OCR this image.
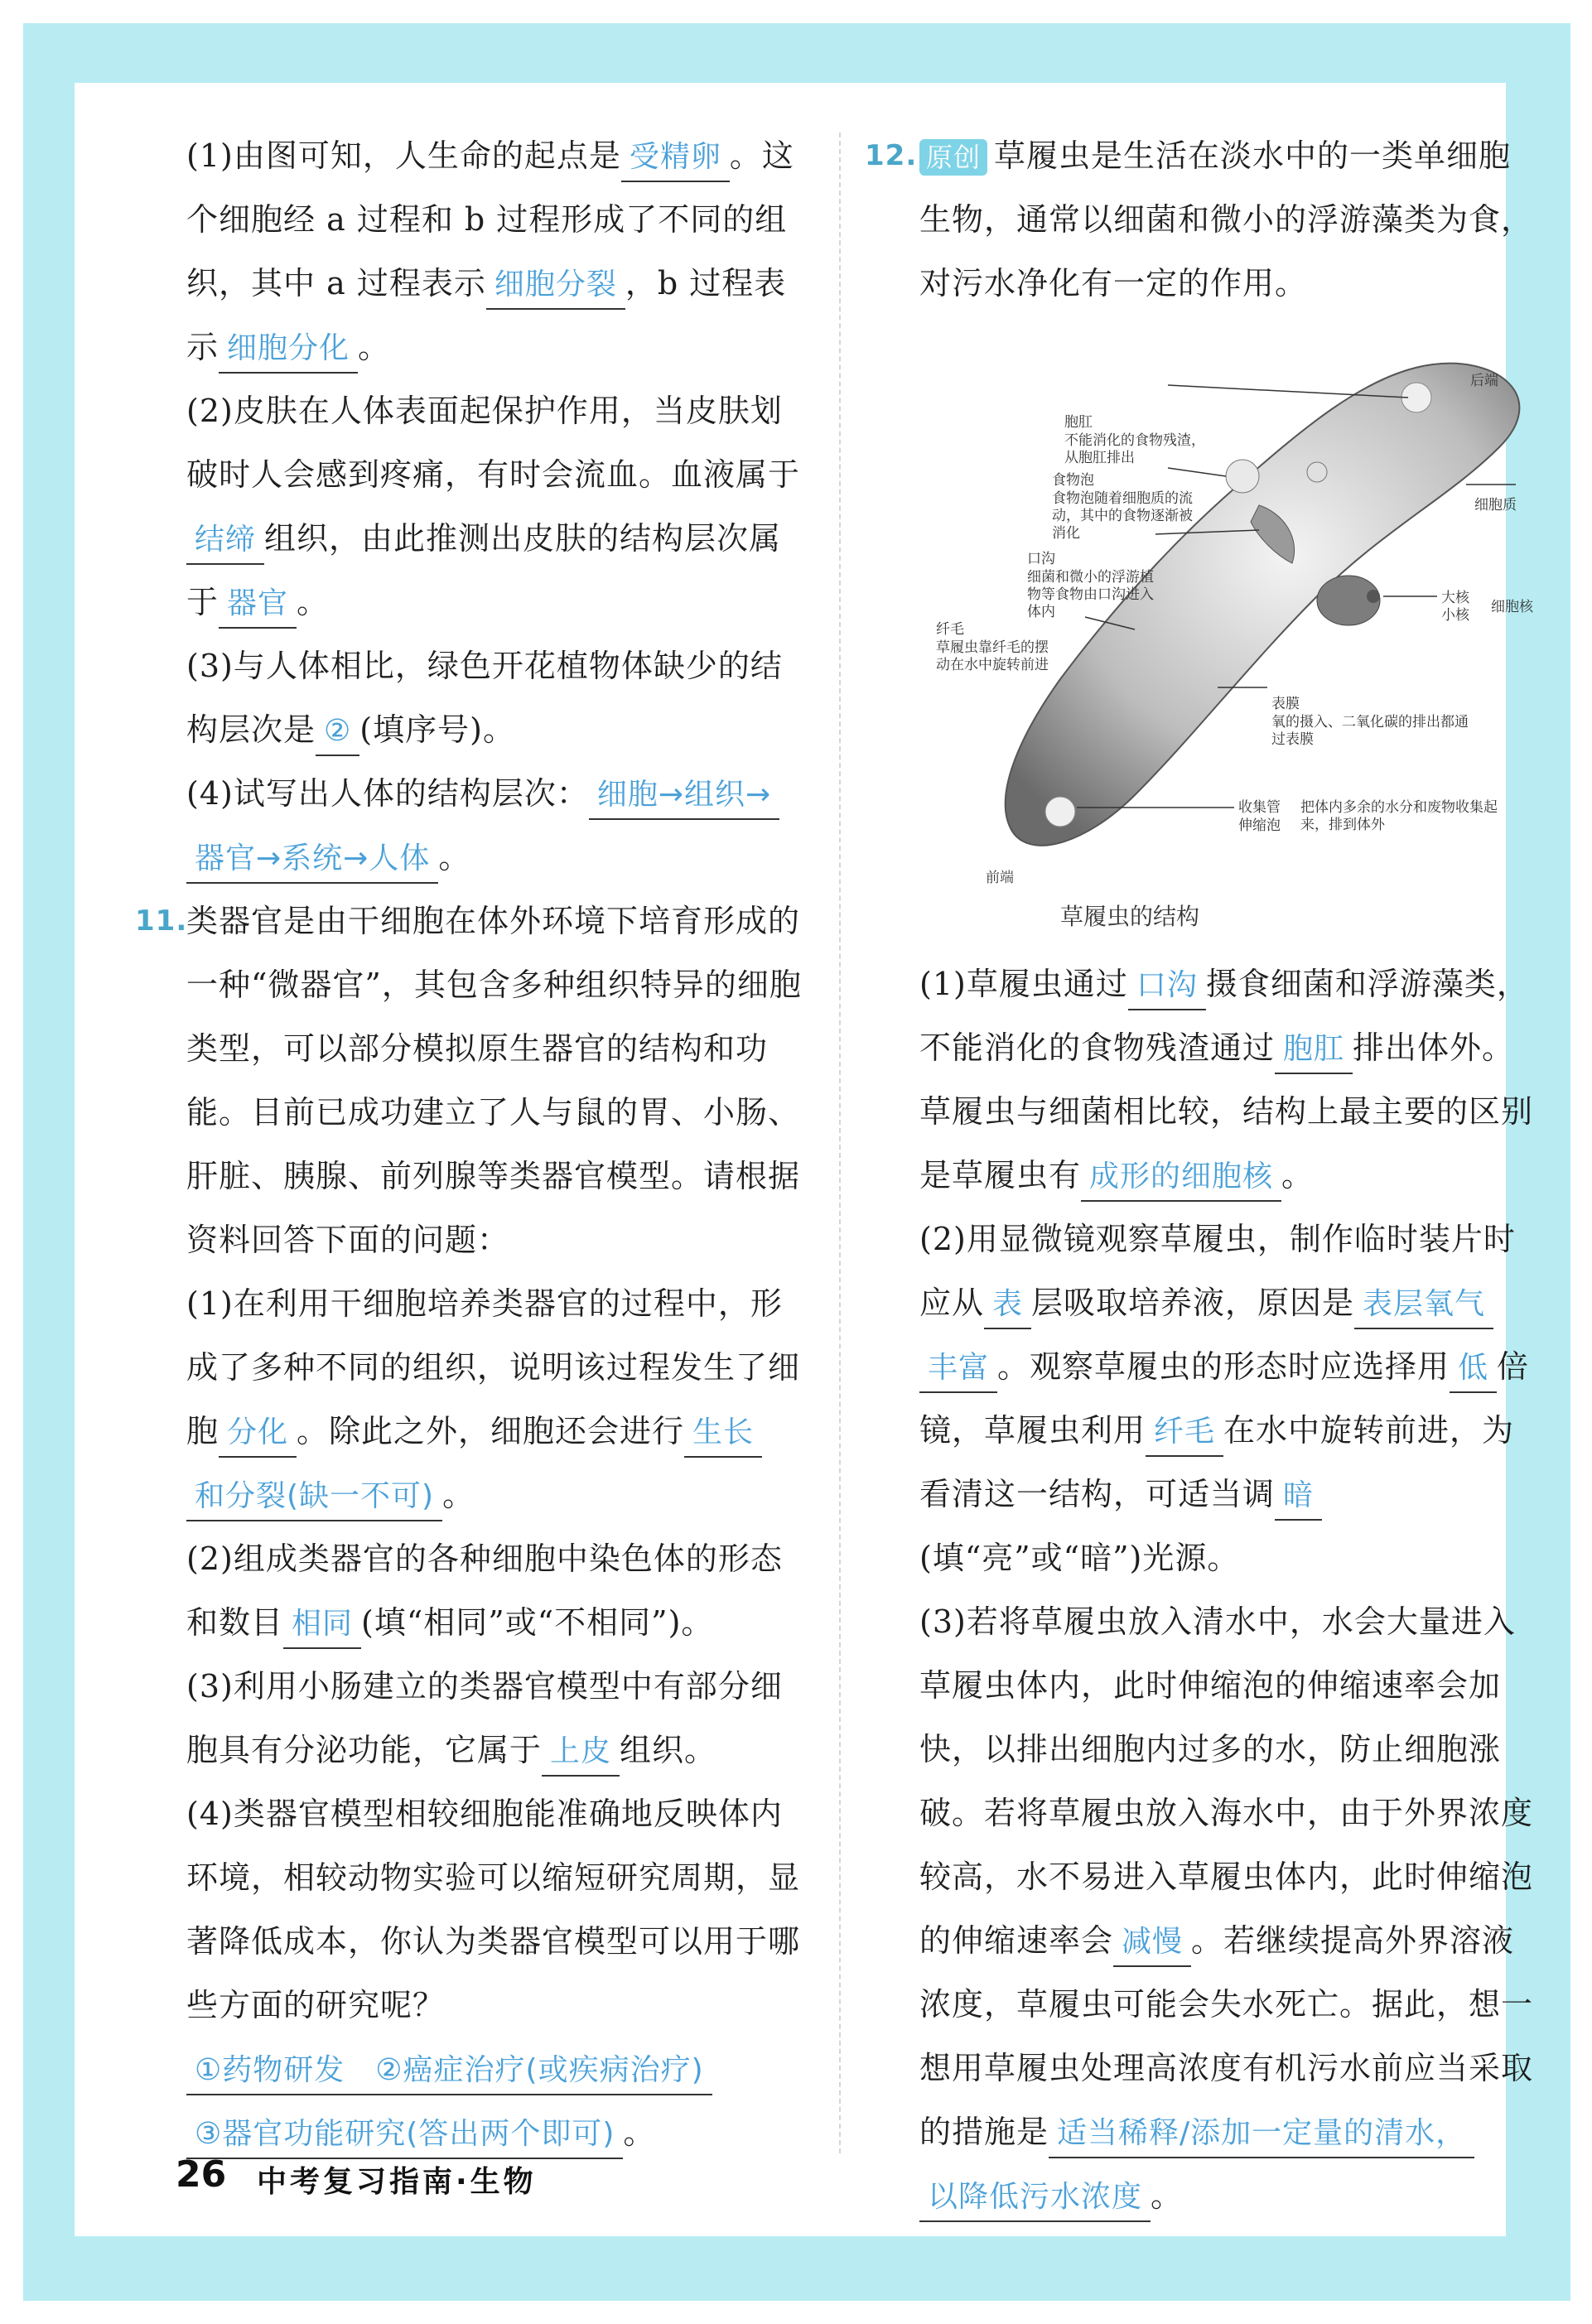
(1)由图可知，人生命的起点是 受精卵 。这个细胞经 a 过程和 b 过程形成了不同的组织，其中 a 过程表示 细胞分裂 ，b 过程表示 细胞分化 。

(2)皮肤在人体表面起保护作用，当皮肤划破时人会感到疼痛，有时会流血。血液属于结缔 组织，由此推测出皮肤的结构层次属于 器官 。

(3)与人体相比，绿色开花植物体缺少的结构层次是 ② (填序号)。

(4)试写出人体的结构层次： 细胞→组织→器官→系统→人体 。

11.
类器官是由干细胞在体外环境下培育形成的一种“微器官”，其包含多种组织特异的细胞类型，可以部分模拟原生器官的结构和功能。目前已成功建立了人与鼠的胃、小肠、肝脏、胰腺、前列腺等类器官模型。请根据资料回答下面的问题：

(1)在利用干细胞培养类器官的过程中，形成了多种不同的组织，说明该过程发生了细胞 分化 。除此之外，细胞还会进行 生长和分裂(缺一不可) 。

(2)组成类器官的各种细胞中染色体的形态和数目 相同 (填“相同”或“不相同”)。

(3)利用小肠建立的类器官模型中有部分细胞具有分泌功能，它属于 上皮 组织。

(4)类器官模型相较细胞能准确地反映体内环境，相较动物实验可以缩短研究周期，显著降低成本，你认为类器官模型可以用于哪些方面的研究呢？

①药物研发　②癌症治疗(或疾病治疗)
③器官功能研究(答出两个即可) 。

12. 原创 草履虫是生活在淡水中的一类单细胞生物，通常以细菌和微小的浮游藻类为食，对污水净化有一定的作用。

后端
胞肛
不能消化的食物残渣，从胞肛排出
食物泡
食物泡随着细胞质的流动，其中的食物逐渐被消化
口沟
细菌和微小的浮游植物等食物由口沟进入体内
纤毛
草履虫靠纤毛的摆动在水中旋转前进
细胞质
大核
小核 细胞核
表膜
氧的摄入、二氧化碳的排出都通过表膜
收集管
伸缩泡
把体内多余的水分和废物收集起来，排到体外
前端
草履虫的结构

(1)草履虫通过 口沟 摄食细菌和浮游藻类，不能消化的食物残渣通过 胞肛 排出体外。草履虫与细菌相比较，结构上最主要的区别是草履虫有 成形的细胞核 。

(2)用显微镜观察草履虫，制作临时装片时应从 表 层吸取培养液，原因是 表层氧气丰富 。观察草履虫的形态时应选择用 低 倍镜，草履虫利用 纤毛 在水中旋转前进，为看清这一结构，可适当调 暗(填“亮”或“暗”)光源。

(3)若将草履虫放入清水中，水会大量进入草履虫体内，此时伸缩泡的伸缩速率会加快，以排出细胞内过多的水，防止细胞涨破。若将草履虫放入海水中，由于外界浓度较高，水不易进入草履虫体内，此时伸缩泡的伸缩速率会 减慢 。若继续提高外界溶液浓度，草履虫可能会失水死亡。据此，想一想用草履虫处理高浓度有机污水前应当采取的措施是 适当稀释/添加一定量的清水，以降低污水浓度 。

26 中考复习指南·生物
